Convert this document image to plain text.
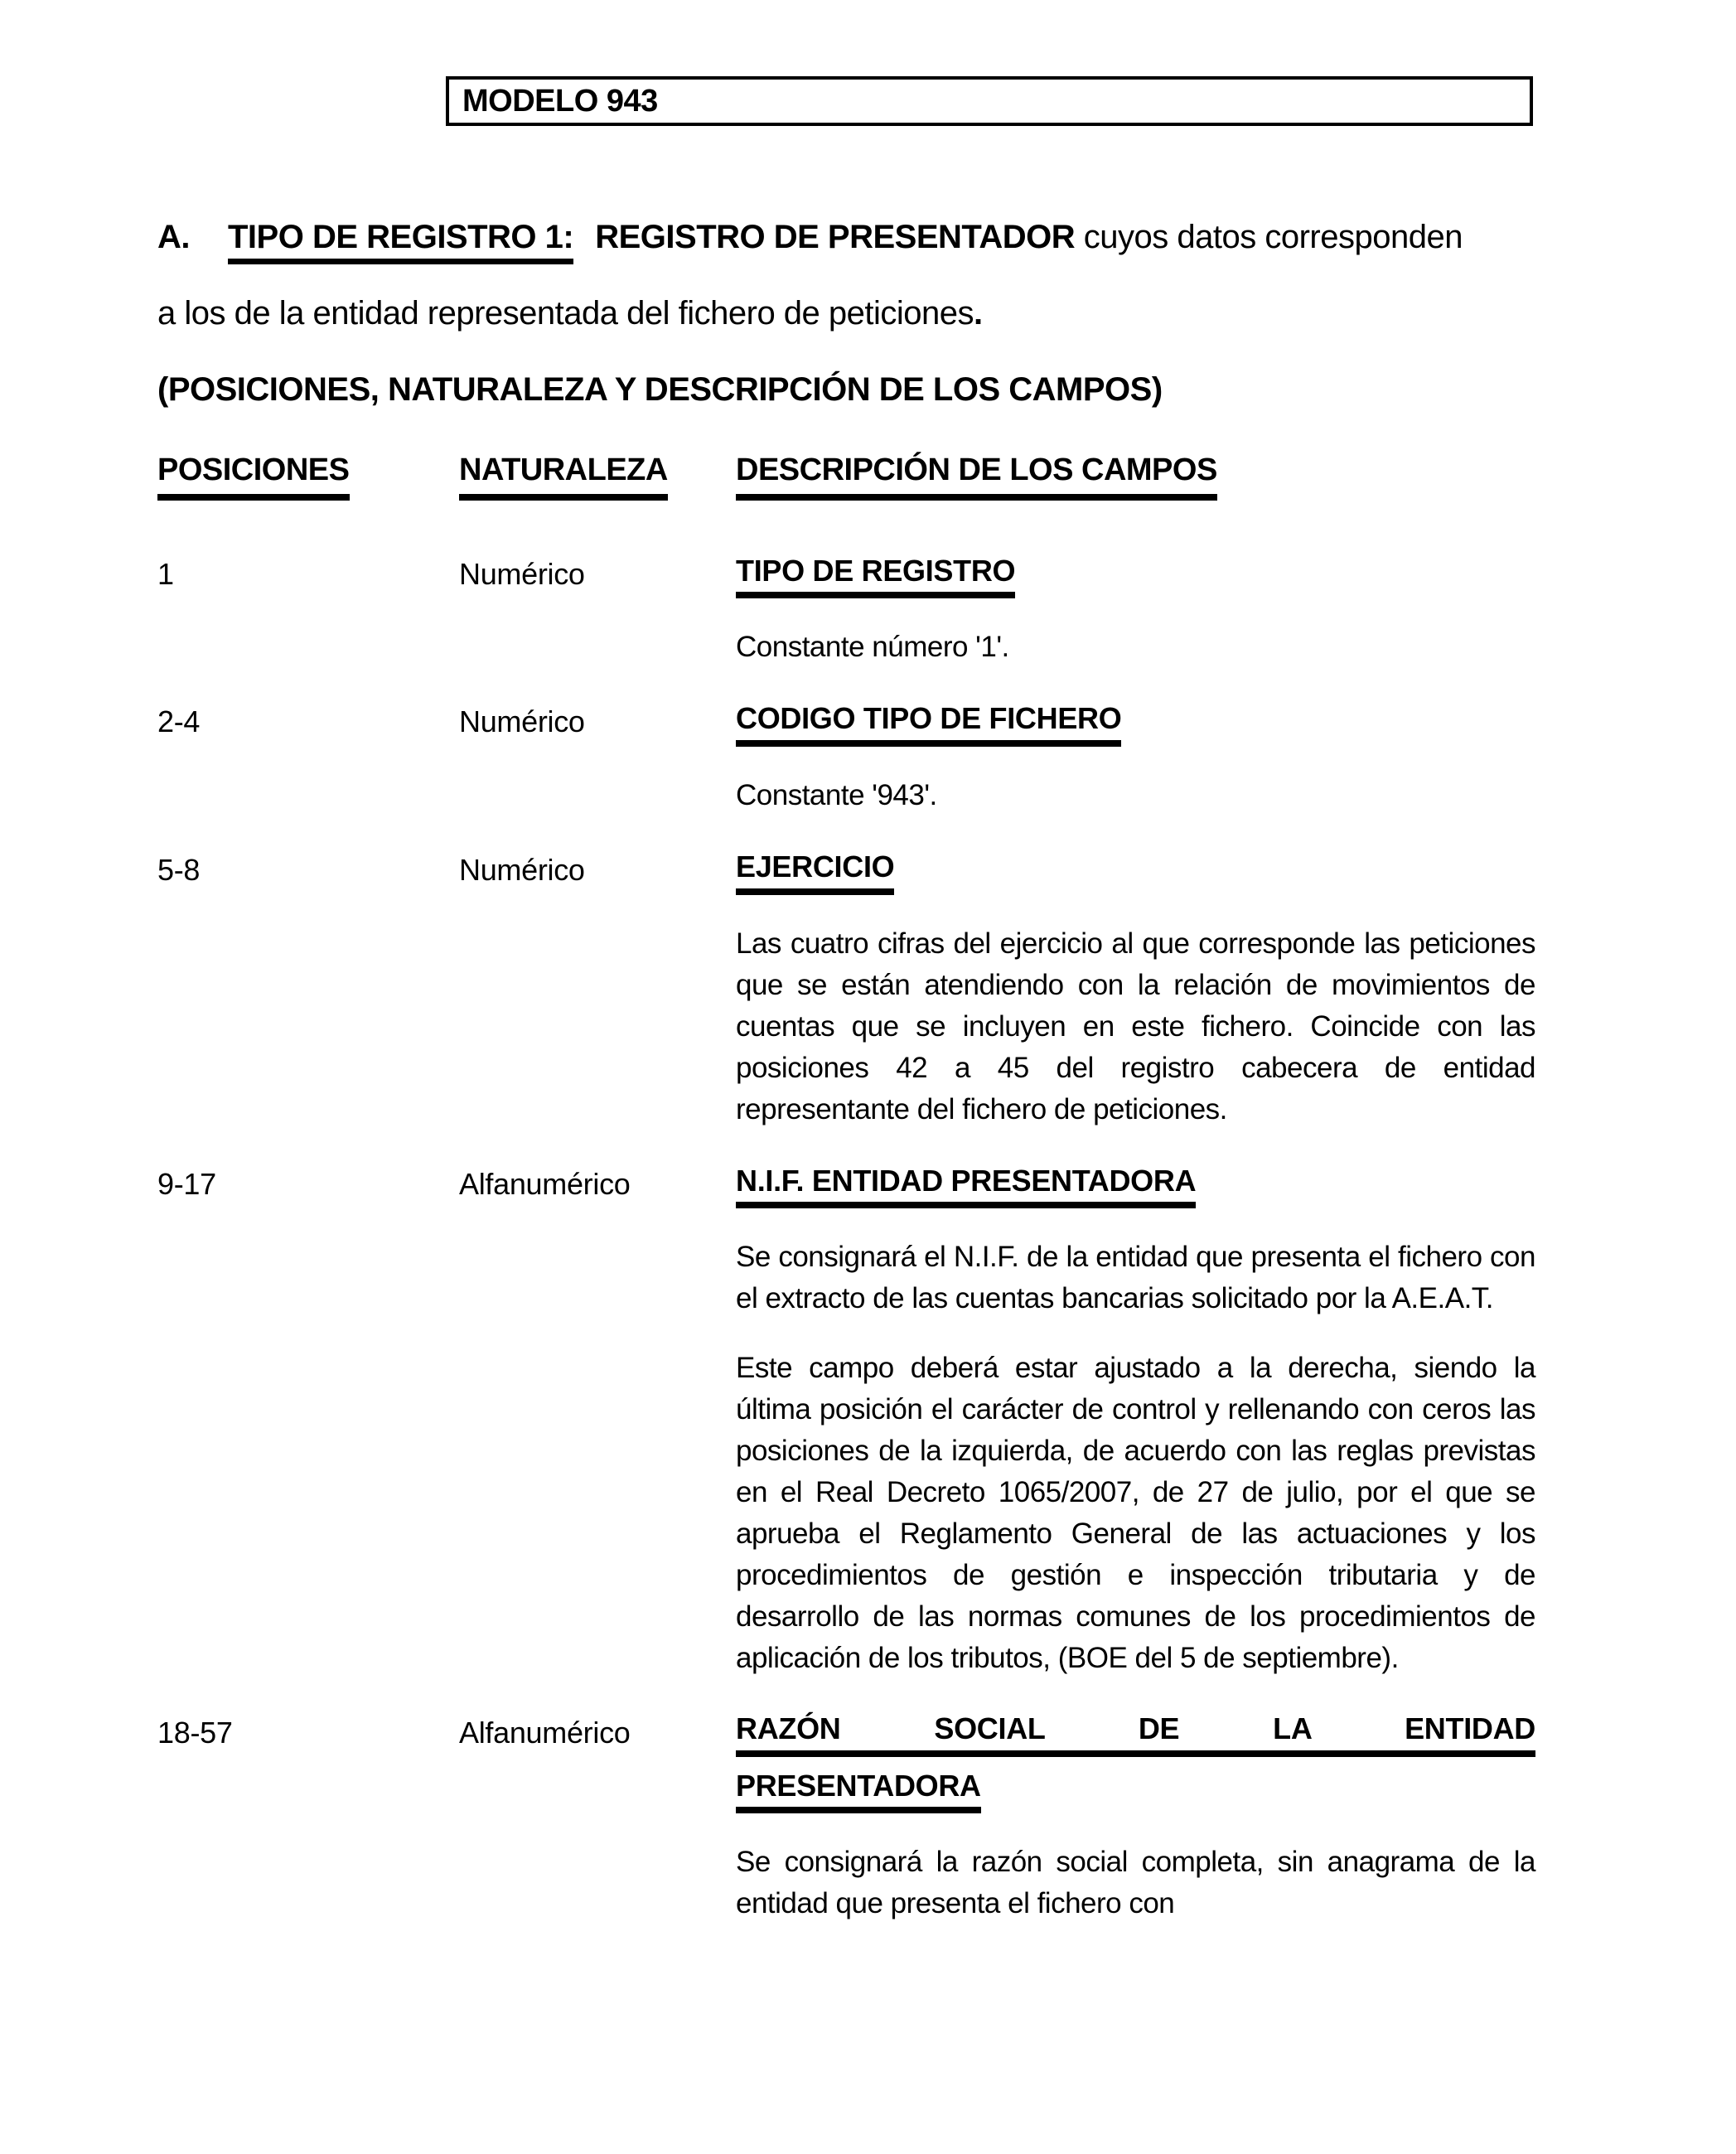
MODELO 943
A. TIPO DE REGISTRO 1: REGISTRO DE PRESENTADOR cuyos datos corresponden
a los de la entidad representada del fichero de peticiones.
(POSICIONES, NATURALEZA Y DESCRIPCIÓN DE LOS CAMPOS)
POSICIONES	NATURALEZA	DESCRIPCIÓN DE LOS CAMPOS
1	Numérico	TIPO DE REGISTRO

Constante número '1'.

2-4	Numérico	CODIGO TIPO DE FICHERO

Constante '943'.

5-8	Numérico	EJERCICIO

Las cuatro cifras del ejercicio al que corresponde las peticiones que se están atendiendo con la relación de movimientos de cuentas que se incluyen en este fichero. Coincide con las posiciones 42 a 45 del registro cabecera de entidad representante del fichero de peticiones.

9-17	Alfanumérico	N.I.F. ENTIDAD PRESENTADORA

Se consignará el N.I.F. de la entidad que presenta el fichero con el extracto de las cuentas bancarias solicitado por la A.E.A.T.

Este campo deberá estar ajustado a la derecha, siendo la última posición el carácter de control y rellenando con ceros las posiciones de la izquierda, de acuerdo con las reglas previstas en el Real Decreto 1065/2007, de 27 de julio, por el que se aprueba el Reglamento General de las actuaciones y los procedimientos de gestión e inspección tributaria y de desarrollo de las normas comunes de los procedimientos de aplicación de los tributos, (BOE del 5 de septiembre).

18-57	Alfanumérico	RAZÓN SOCIAL DE LA ENTIDAD
PRESENTADORA

Se consignará la razón social completa, sin anagrama de la entidad que presenta el fichero con
